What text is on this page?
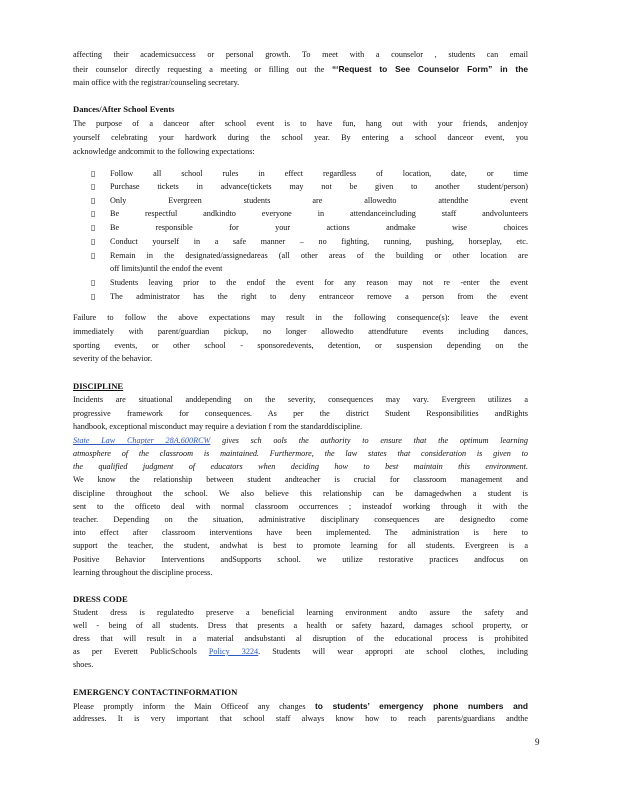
affecting their academicsuccess or personal growth. To meet with a counselor , students can email
their counselor directly requesting a meeting or filling out the “‘Request to See Counselor Form” in the
main office with the registrar/counseling secretary.
Dances/After School Events
The purpose of a danceor after school event is to have fun, hang out with your friends, andenjoy
yourself celebrating your hardwork during the school year. By entering a school danceor event, you
acknowledge andcommit to the following expectations:
▯ Follow all school rules in effect regardless of location, date, or time
▯ Purchase tickets in advance(tickets may not be given to another student/person)
▯ Only Evergreen students are allowedto attendthe event
▯ Be respectful andkindto everyone in attendanceincluding staff andvolunteers
▯ Be responsible for your actions andmake wise choices
▯ Conduct yourself in a safe manner – no fighting, running, pushing, horseplay, etc.
▯ Remain in the designated/assignedareas (all other areas of the building or other location are
off limits)until the endof the event
▯ Students leaving prior to the endof the event for any reason may not re -enter the event
▯ The administrator has the right to deny entranceor remove a person from the event
Failure to follow the above expectations may result in the following consequence(s): leave the event
immediately with parent/guardian pickup, no longer allowedto attendfuture events including dances,
sporting events, or other school - sponsoredevents, detention, or suspension depending on the
severity of the behavior.
DISCIPLINE
Incidents are situational anddepending on the severity, consequences may vary. Evergreen utilizes a
progressive framework for consequences. As per the district Student Responsibilities andRights
handbook, exceptional misconduct may require a deviation f rom the standarddiscipline.
State Law Chapter 28A.600RCW gives sch ools the authority to ensure that the optimum learning
atmosphere of the classroom is maintained. Furthermore, the law states that consideration is given to
the qualified judgment of educators when deciding how to best maintain this environment.
We know the relationship between student andteacher is crucial for classroom management and
discipline throughout the school. We also believe this relationship can be damagedwhen a student is
sent to the officeto deal with normal classroom occurrences ; insteadof working through it with the
teacher. Depending on the situation, administrative disciplinary consequences are designedto come
into effect after classroom interventions have been implemented. The administration is here to
support the teacher, the student, andwhat is best to promote learning for all students. Evergreen is a
Positive Behavior Interventions andSupports school. we utilize restorative practices andfocus on
learning throughout the discipline process.
DRESS CODE
Student dress is regulatedto preserve a beneficial learning environment andto assure the safety and
well - being of all students. Dress that presents a health or safety hazard, damages school property, or
dress that will result in a material andsubstanti al disruption of the educational process is prohibited
as per Everett PublicSchools Policy 3224. Students will wear appropri ate school clothes, including
shoes.
EMERGENCY CONTACTINFORMATION
Please promptly inform the Main Officeof any changes to students’ emergency phone numbers and
addresses. It is very important that school staff always know how to reach parents/guardians andthe
9
